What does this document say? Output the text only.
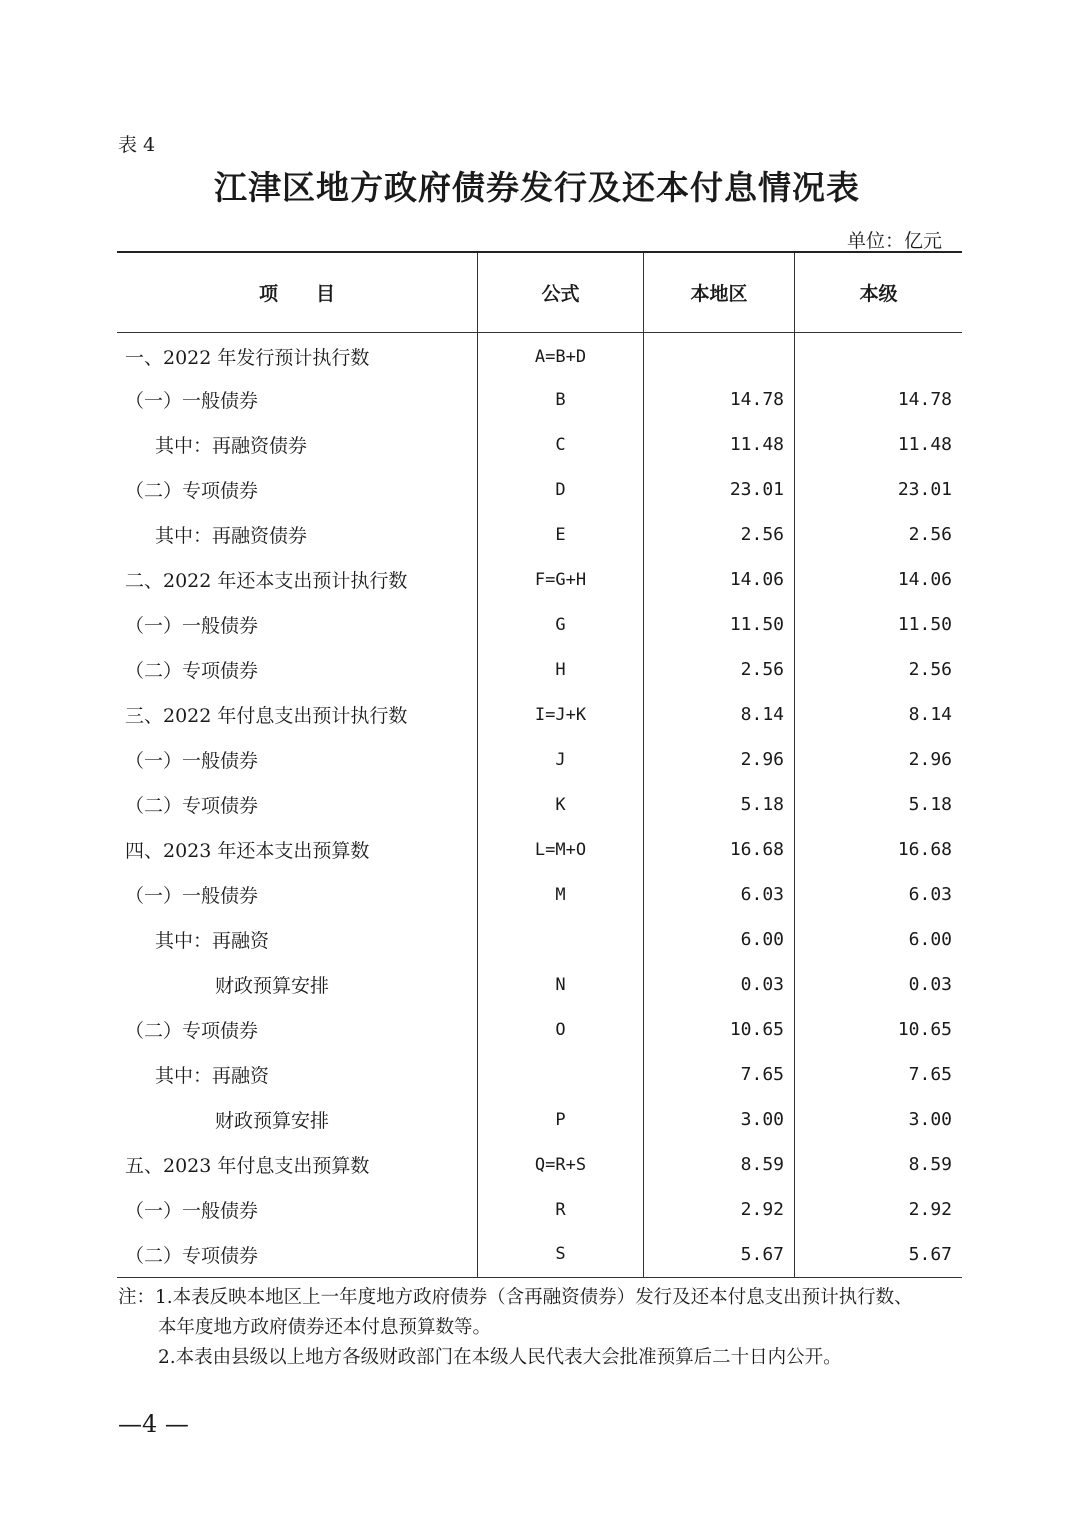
表 4
江津区地方政府债券发行及还本付息情况表
单位：亿元
项　　目	公式	本地区	本级
一、2022 年发行预计执行数	A=B+D		
（一）一般债券	B	14.78	14.78
其中：再融资债券	C	11.48	11.48
（二）专项债券	D	23.01	23.01
其中：再融资债券	E	2.56	2.56
二、2022 年还本支出预计执行数	F=G+H	14.06	14.06
（一）一般债券	G	11.50	11.50
（二）专项债券	H	2.56	2.56
三、2022 年付息支出预计执行数	I=J+K	8.14	8.14
（一）一般债券	J	2.96	2.96
（二）专项债券	K	5.18	5.18
四、2023 年还本支出预算数	L=M+O	16.68	16.68
（一）一般债券	M	6.03	6.03
其中：再融资		6.00	6.00
财政预算安排	N	0.03	0.03
（二）专项债券	O	10.65	10.65
其中：再融资		7.65	7.65
财政预算安排	P	3.00	3.00
五、2023 年付息支出预算数	Q=R+S	8.59	8.59
（一）一般债券	R	2.92	2.92
（二）专项债券	S	5.67	5.67
注：1.本表反映本地区上一年度地方政府债券（含再融资债券）发行及还本付息支出预计执行数、
本年度地方政府债券还本付息预算数等。
2.本表由县级以上地方各级财政部门在本级人民代表大会批准预算后二十日内公开。
—4 —
